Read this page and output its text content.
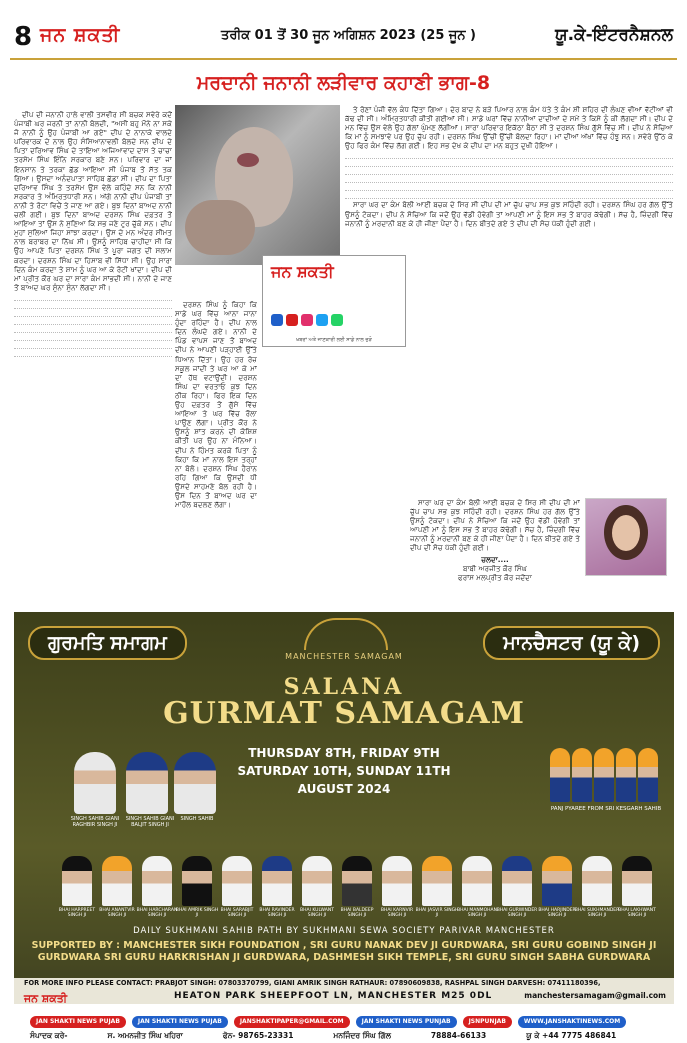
8 ਜਨ ਸ਼ਕਤੀ	ਤਰੀਕ 01 ਤੋਂ 30 ਜੂਨ ਅਗਿਸ਼ਨ 2023 (25 ਜੂਨ )	ਯੂ.ਕੇ-ਇੰਟਰਨੈਸ਼ਨਲ
ਮਰਦਾਨੀ ਜਨਾਨੀ ਲੜੀਵਾਰ ਕਹਾਣੀ ਭਾਗ-8

ਦੀਪ ਦੀ ਜਨਾਨੀ ਹਾਲੇ ਵਾਲੀ ਤਸਵੀਰ ਸੀ ਬਚਕ ਸਵੇਰੇ ਕਦੋਂ ਪੰਜਾਬੀ ਘਰ ਜਰਨੀ ਤਾਂ ਨਾਨੀ ਬੋਲਦੀ, "ਅਸੀਂ ਬਹੁ ਮੌਨੇ ਨਾ ਸਕੇ ਜੋ ਨਾਨੀ ਨੂੰ ਉਹ ਪੰਜਾਬੀ ਆ ਗਏ" ਦੀਪ ਦੇ ਨਾਨਾਕੇ ਵਾਲਦੇ ਪਰਿਵਾਰਕ ਦੇ ਨਾਲ ਉਹ ਸੰਸਿਆਨਾਵਲੀ ਬੋਲਦੇ ਸਨ ਦੀਪ ਦੇ ਪਿਤਾ ਦਰਿਆਵ ਸਿੰਘ ਦੇ ਤਾਇਆ ਅਜਿਆਵਾਦ ਦਾਸ ਤੇ ਚਾਚਾ ਤਰਸੇਮ ਸਿੰਘ ਇੰਨਿ ਸਰਕਾਰ ਬਣੇ ਸਨ। ਪਰਿਵਾਰ ਦਾ ਜਾਂ ਇਨਸਾਨ ਤੇ ਤਰਕਾ ਛੱਡ ਆਇਆ ਸੀ ਪੰਜਾਬ ਤੋਂ ਸੱਤ ਤਕ ਗਿਆ। ਉਸਦਾ ਅਨੰਦਪਾਤਾ ਸਾਹਿਬ ਛੱਡਾ ਸੀ। ਦੀਪ ਦਾ ਪਿਤਾ ਦਰਿਆਵ ਸਿੰਘ ਤੇ ਤਰਸੇਮ ਉਸ ਵੇਲੇ ਕਹਿੰਦੇ ਸਨ ਕਿ ਨਾਨੀ ਸਰਕਾਰ ਤੇ ਅੰਮ੍ਰਿਤਧਾਰੀ ਸਨ। ਅੱਗੇ ਨਾਨੀ ਦੀਪ ਪੰਜਾਬੀ ਤਾਂ ਨਾਨੀ ਤੇ ਰੋਟਾ ਵਿਚੋਂ ਤੇ ਜਾਣ ਆ ਗਏ। ਬੁਝ ਦਿਨਾਂ ਬਾਅਦ ਨਾਨੀ ਚਲੀ ਗਈ। ਬੁਝ ਦਿਨਾਂ ਬਾਅਦ ਦਰਸ਼ਨ ਸਿੰਘ ਦਫ਼ਤਰ ਤੋਂ ਆਇਆ ਤਾਂ ਉਸ ਨੇ ਸੁਣਿਆ ਕਿ ਸਭ ਜਣੇ ਟੁਰ ਚੁੱਕੇ ਸਨ। ਦੀਪ ਮੁਹਾਂ ਸੁਲਿਆਂ ਜਿਹਾ ਸਾਂਝਾ ਕਰਦਾ। ਉਸ ਦੇ ਮਨ ਅੰਦਰ ਸੀਮਤ ਨਾਲ ਬਰਾਬਰ ਦਾ ਨਿੱਘ ਸੀ। ਉਸਨੂੰ ਸਾਹਿਬ ਚਾਹੀਦਾ ਸੀ ਕਿ ਉਹ ਆਪਣੇ ਪਿਤਾ ਦਰਸ਼ਨ ਸਿੰਘ ਤੇ ਪੂਰਾ ਜਗਤ ਦੀ ਸਲਾਮ ਕਰਦਾ। ਦਰਸ਼ਨ ਸਿੰਘ ਦਾ ਹਿਸਾਬ ਵੀ ਸਿੱਧਾ ਸੀ। ਉਹ ਸਾਰਾ ਦਿਨ ਕੰਮ ਕਰਦਾ ਤੇ ਸ਼ਾਮ ਨੂੰ ਘਰ ਆ ਕੇ ਰੋਟੀ ਖਾਂਦਾ। ਦੀਪ ਦੀ ਮਾਂ ਪ੍ਰੀਤ ਕੌਰ ਘਰ ਦਾ ਸਾਰਾ ਕੰਮ ਸਾਂਭਦੀ ਸੀ। ਨਾਨੀ ਦੇ ਜਾਣ ਤੋਂ ਬਾਅਦ ਘਰ ਸੁੰਨਾ ਸੁੰਨਾ ਲੱਗਦਾ ਸੀ।

ਦਰਸ਼ਨ ਸਿੰਘ ਨੂੰ ਕਿਹਾ ਕਿ ਸਾਡੇ ਘਰ ਵਿੱਚ ਆਨਾ ਜਾਨਾ ਹੁੰਦਾ ਰਹਿੰਦਾ ਹੈ। ਦੀਪ ਨਾਲ ਦਿਨ ਲੰਘਦੇ ਗਏ। ਨਾਨੀ ਦੇ ਪਿੰਡ ਵਾਪਸ ਜਾਣ ਤੋਂ ਬਾਅਦ ਦੀਪ ਨੇ ਆਪਣੀ ਪੜ੍ਹਾਈ ਉੱਤੇ ਧਿਆਨ ਦਿੱਤਾ। ਉਹ ਹਰ ਰੋਜ਼ ਸਕੂਲ ਜਾਂਦੀ ਤੇ ਘਰ ਆ ਕੇ ਮਾਂ ਦਾ ਹੱਥ ਵਟਾਉਂਦੀ। ਦਰਸ਼ਨ ਸਿੰਘ ਦਾ ਵਰਤਾਓ ਕੁਝ ਦਿਨ ਠੀਕ ਰਿਹਾ। ਫਿਰ ਇਕ ਦਿਨ ਉਹ ਦਫ਼ਤਰ ਤੋਂ ਗੁੱਸੇ ਵਿੱਚ ਆਇਆ ਤੇ ਘਰ ਵਿੱਚ ਰੌਲਾ ਪਾਉਣ ਲੱਗਾ। ਪ੍ਰੀਤ ਕੌਰ ਨੇ ਉਸਨੂੰ ਸ਼ਾਂਤ ਕਰਨ ਦੀ ਕੋਸ਼ਿਸ਼ ਕੀਤੀ ਪਰ ਉਹ ਨਾ ਮੰਨਿਆ। ਦੀਪ ਨੇ ਹਿੰਮਤ ਕਰਕੇ ਪਿਤਾ ਨੂੰ ਕਿਹਾ ਕਿ ਮਾਂ ਨਾਲ ਇਸ ਤਰ੍ਹਾਂ ਨਾ ਬੋਲੋ। ਦਰਸ਼ਨ ਸਿੰਘ ਹੈਰਾਨ ਰਹਿ ਗਿਆ ਕਿ ਉਸਦੀ ਧੀ ਉਸਦੇ ਸਾਹਮਣੇ ਬੋਲ ਰਹੀ ਹੈ। ਉਸ ਦਿਨ ਤੋਂ ਬਾਅਦ ਘਰ ਦਾ ਮਾਹੌਲ ਬਦਲਣ ਲੱਗਾ।

ਜਨ ਸ਼ਕਤੀ
ਖ਼ਬਰਾਂ ਅਤੇ ਜਾਣਕਾਰੀ ਲਈ ਸਾਡੇ ਨਾਲ ਜੁੜੋ

ਤੇ ਰੋਣਾਂ ਪੰਜੀ ਵੱਲ ਕੰਧ ਦਿੱਤਾ ਗਿਆ। ਦੇਰ ਬਾਦ ਨੇ ਬੜੇ ਪਿਆਰ ਨਾਲ ਕੰਮ ਪੱਤੇ ਤੇ ਕੰਮ ਸ਼ੀ ਸ਼ਹਿਰ ਦੀ ਲੰਘਣ ਵੀਆਂ ਵੱਟੀਆਂ ਵੀ ਕੱਢ ਦੀ ਸੀ। ਅੰਮ੍ਰਿਤਧਾਰੀ ਕੀਤੀ ਗਈਆਂ ਸੀ। ਸਾਡੇ ਘਰਾਂ ਵਿੱਚ ਨਾਨੀਆਂ ਦਾਦੀਆਂ ਦੇ ਸਮੇਂ ਤੇ ਕਿਸੇ ਨੂੰ ਕੀ ਲੱਗਦਾ ਸੀ। ਦੀਪ ਦੇ ਮਨ ਵਿੱਚ ਉਸ ਵੇਲੇ ਉਹ ਗੱਲਾਂ ਘੁੰਮਣ ਲੱਗੀਆਂ। ਸਾਰਾ ਪਰਿਵਾਰ ਇਕੱਠਾ ਬੈਠਾ ਸੀ ਤੇ ਦਰਸ਼ਨ ਸਿੰਘ ਗੁੱਸੇ ਵਿੱਚ ਸੀ। ਦੀਪ ਨੇ ਸੋਚਿਆ ਕਿ ਮਾਂ ਨੂੰ ਸਮਝਾਵੇ ਪਰ ਉਹ ਚੁੱਪ ਰਹੀ। ਦਰਸ਼ਨ ਸਿੰਘ ਉੱਚੀ ਉੱਚੀ ਬੋਲਦਾ ਰਿਹਾ। ਮਾਂ ਦੀਆਂ ਅੱਖਾਂ ਵਿੱਚ ਹੰਝੂ ਸਨ। ਸਵੇਰੇ ਉੱਠ ਕੇ ਉਹ ਫਿਰ ਕੰਮ ਵਿੱਚ ਲੱਗ ਗਈ। ਇਹ ਸਭ ਦੇਖ ਕੇ ਦੀਪ ਦਾ ਮਨ ਬਹੁਤ ਦੁਖੀ ਹੋਇਆ।

ਸਾਰਾ ਘਰ ਦਾ ਕੰਮ ਬੋਲੀ ਆਈ ਬਚਕ ਦੇ ਸਿਰ ਸੀ ਦੀਪ ਦੀ ਮਾਂ ਚੁੱਪ ਚਾਪ ਸਭ ਕੁਝ ਸਹਿੰਦੀ ਰਹੀ। ਦਰਸ਼ਨ ਸਿੰਘ ਹਰ ਗੱਲ ਉੱਤੇ ਉਸਨੂੰ ਟੋਕਦਾ। ਦੀਪ ਨੇ ਸੋਚਿਆ ਕਿ ਜਦੋਂ ਉਹ ਵੱਡੀ ਹੋਵੇਗੀ ਤਾਂ ਆਪਣੀ ਮਾਂ ਨੂੰ ਇਸ ਸਭ ਤੋਂ ਬਾਹਰ ਕੱਢੇਗੀ। ਸੱਚ ਹੈ, ਜ਼ਿੰਦਗੀ ਵਿੱਚ ਜਨਾਨੀ ਨੂੰ ਮਰਦਾਨੀ ਬਣ ਕੇ ਹੀ ਜੀਣਾ ਪੈਂਦਾ ਹੈ। ਦਿਨ ਬੀਤਦੇ ਗਏ ਤੇ ਦੀਪ ਦੀ ਸੋਚ ਪੱਕੀ ਹੁੰਦੀ ਗਈ।

ਸਾਰਾ ਘਰ ਦਾ ਕੰਮ ਬੋਲੀ ਆਈ ਬਚਕ ਦੇ ਸਿਰ ਸੀ ਦੀਪ ਦੀ ਮਾਂ ਚੁੱਪ ਚਾਪ ਸਭ ਕੁਝ ਸਹਿੰਦੀ ਰਹੀ। ਦਰਸ਼ਨ ਸਿੰਘ ਹਰ ਗੱਲ ਉੱਤੇ ਉਸਨੂੰ ਟੋਕਦਾ। ਦੀਪ ਨੇ ਸੋਚਿਆ ਕਿ ਜਦੋਂ ਉਹ ਵੱਡੀ ਹੋਵੇਗੀ ਤਾਂ ਆਪਣੀ ਮਾਂ ਨੂੰ ਇਸ ਸਭ ਤੋਂ ਬਾਹਰ ਕੱਢੇਗੀ। ਸੱਚ ਹੈ, ਜ਼ਿੰਦਗੀ ਵਿੱਚ ਜਨਾਨੀ ਨੂੰ ਮਰਦਾਨੀ ਬਣ ਕੇ ਹੀ ਜੀਣਾ ਪੈਂਦਾ ਹੈ। ਦਿਨ ਬੀਤਦੇ ਗਏ ਤੇ ਦੀਪ ਦੀ ਸੋਚ ਪੱਕੀ ਹੁੰਦੀ ਗਈ।

ਚਲਦਾ....
ਬਾਬੀ ਅਰਜੀਤ ਕੌਰ ਸਿੰਘ
ਫਰਾਂਸ ਮਲਪ੍ਰੀਤ ਕੌਰ ਜਦੋਂਦਾ
ਗੁਰਮਤਿ ਸਮਾਗਮ	ਮਾਨਚੈਸਟਰ (ਯੂ ਕੇ)
MANCHESTER SAMAGAM
SALANA
GURMAT SAMAGAM
THURSDAY 8TH, FRIDAY 9TH
SATURDAY 10TH, SUNDAY 11TH
AUGUST 2024
SINGH SAHIB GIANI RAGHBIR SINGH JI
SINGH SAHIB GIANI BALJIT SINGH JI
SINGH SAHIB
PANJ PYAREE FROM SRI KESGARH SAHIB
BHAI HARPREET SINGH JI
BHAI ANANTVIR SINGH JI
BHAI HARCHARAN SINGH JI
BHAI AMRIK SINGH JI
BHAI SARABJIT SINGH JI
BHAI RAVINDER SINGH JI
BHAI KULWANT SINGH JI
BHAI BALDEEP SINGH JI
BHAI KARNVIR SINGH JI
BHAI JASVIR SINGH JI
BHAI MANMOHAN SINGH JI
BHAI GURWINDER SINGH JI
BHAI HARJINDER SINGH JI
BHAI SUKHMANDER SINGH JI
BHAI LAKHWANT SINGH JI
DAILY SUKHMANI SAHIB PATH BY SUKHMANI SEWA SOCIETY PARIVAR MANCHESTER
SUPPORTED BY : MANCHESTER SIKH FOUNDATION , SRI GURU NANAK DEV JI GURDWARA, SRI GURU GOBIND SINGH JI GURDWARA SRI GURU HARKRISHAN JI GURDWARA, DASHMESH SIKH TEMPLE, SRI GURU SINGH SABHA GURDWARA
FOR MORE INFO PLEASE CONTACT: PRABJOT SINGH: 07803370799, GIANI AMRIK SINGH RATHAUR: 07890609838, RASHPAL SINGH DARVESH: 07411180396,
ਜਨ ਸ਼ਕਤੀ	HEATON PARK SHEEPFOOT LN, MANCHESTER M25 0DL	manchestersamagam@gmail.com
JAN SHAKTI NEWS PUJAB	JAN SHAKTI NEWS PUJAB	JANSHAKTIPAPER@GMAIL.COM	JAN SHAKTI NEWS PUNJAB	JSNPUNJAB	WWW.JANSHAKTINEWS.COM
ਸੰਪਾਦਕ ਕਰੇ-	ਸ. ਅਮਨਜੀਤ ਸਿੰਘ ਖਹਿਰਾ	ਫੋਨ- 98765-23331	ਮਨਜਿੰਦਰ ਸਿੰਘ ਗਿੱਲ	78884-66133	ਯੂ ਕੇ +44 7775 486841
